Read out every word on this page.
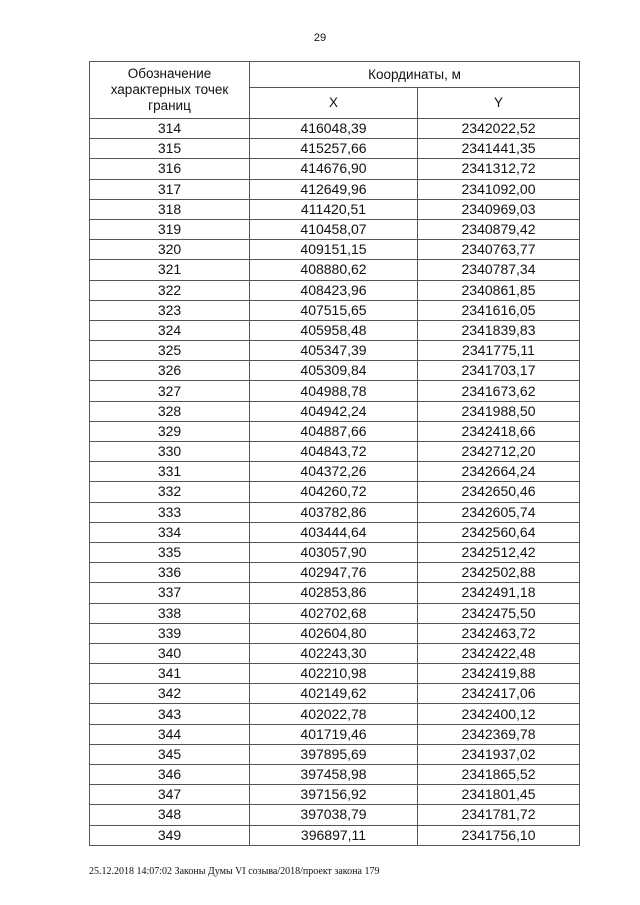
29
Обозначение характерных точек границ	Координаты, м	
	X	Y
314	416048,39	2342022,52
315	415257,66	2341441,35
316	414676,90	2341312,72
317	412649,96	2341092,00
318	411420,51	2340969,03
319	410458,07	2340879,42
320	409151,15	2340763,77
321	408880,62	2340787,34
322	408423,96	2340861,85
323	407515,65	2341616,05
324	405958,48	2341839,83
325	405347,39	2341775,11
326	405309,84	2341703,17
327	404988,78	2341673,62
328	404942,24	2341988,50
329	404887,66	2342418,66
330	404843,72	2342712,20
331	404372,26	2342664,24
332	404260,72	2342650,46
333	403782,86	2342605,74
334	403444,64	2342560,64
335	403057,90	2342512,42
336	402947,76	2342502,88
337	402853,86	2342491,18
338	402702,68	2342475,50
339	402604,80	2342463,72
340	402243,30	2342422,48
341	402210,98	2342419,88
342	402149,62	2342417,06
343	402022,78	2342400,12
344	401719,46	2342369,78
345	397895,69	2341937,02
346	397458,98	2341865,52
347	397156,92	2341801,45
348	397038,79	2341781,72
349	396897,11	2341756,10
25.12.2018 14:07:02 Законы Думы VI созыва/2018/проект закона 179
